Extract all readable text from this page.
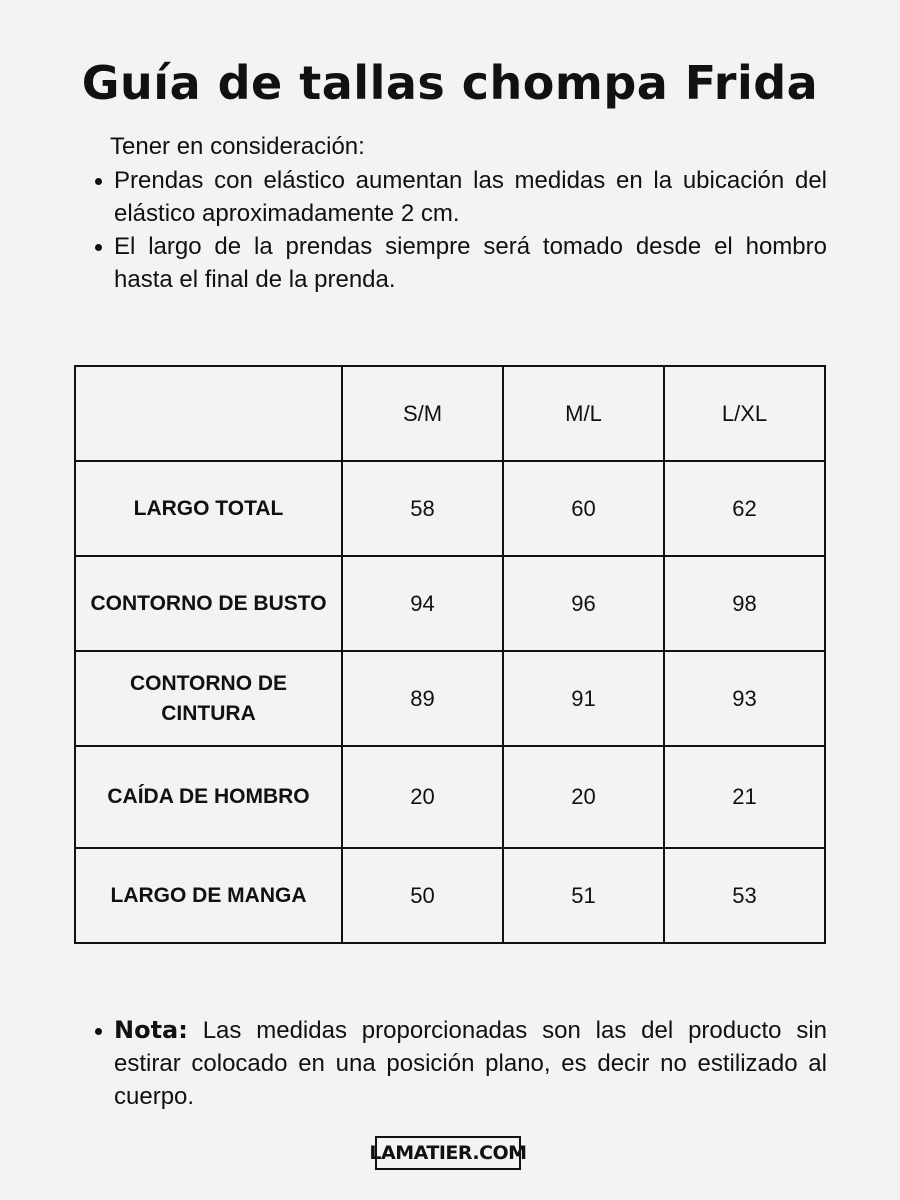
Guía de tallas chompa Frida
Tener en consideración:
Prendas con elástico aumentan las medidas en la ubicación del elástico aproximadamente 2 cm.
El largo de la prendas siempre será tomado desde el hombro hasta el final de la prenda.
	S/M	M/L	L/XL
LARGO TOTAL	58	60	62
CONTORNO DE BUSTO	94	96	98
CONTORNO DE CINTURA	89	91	93
CAÍDA DE HOMBRO	20	20	21
LARGO DE MANGA	50	51	53
Nota: Las medidas proporcionadas son las del producto sin estirar colocado en una posición plano, es decir no estilizado al cuerpo.
LAMATIER.COM
